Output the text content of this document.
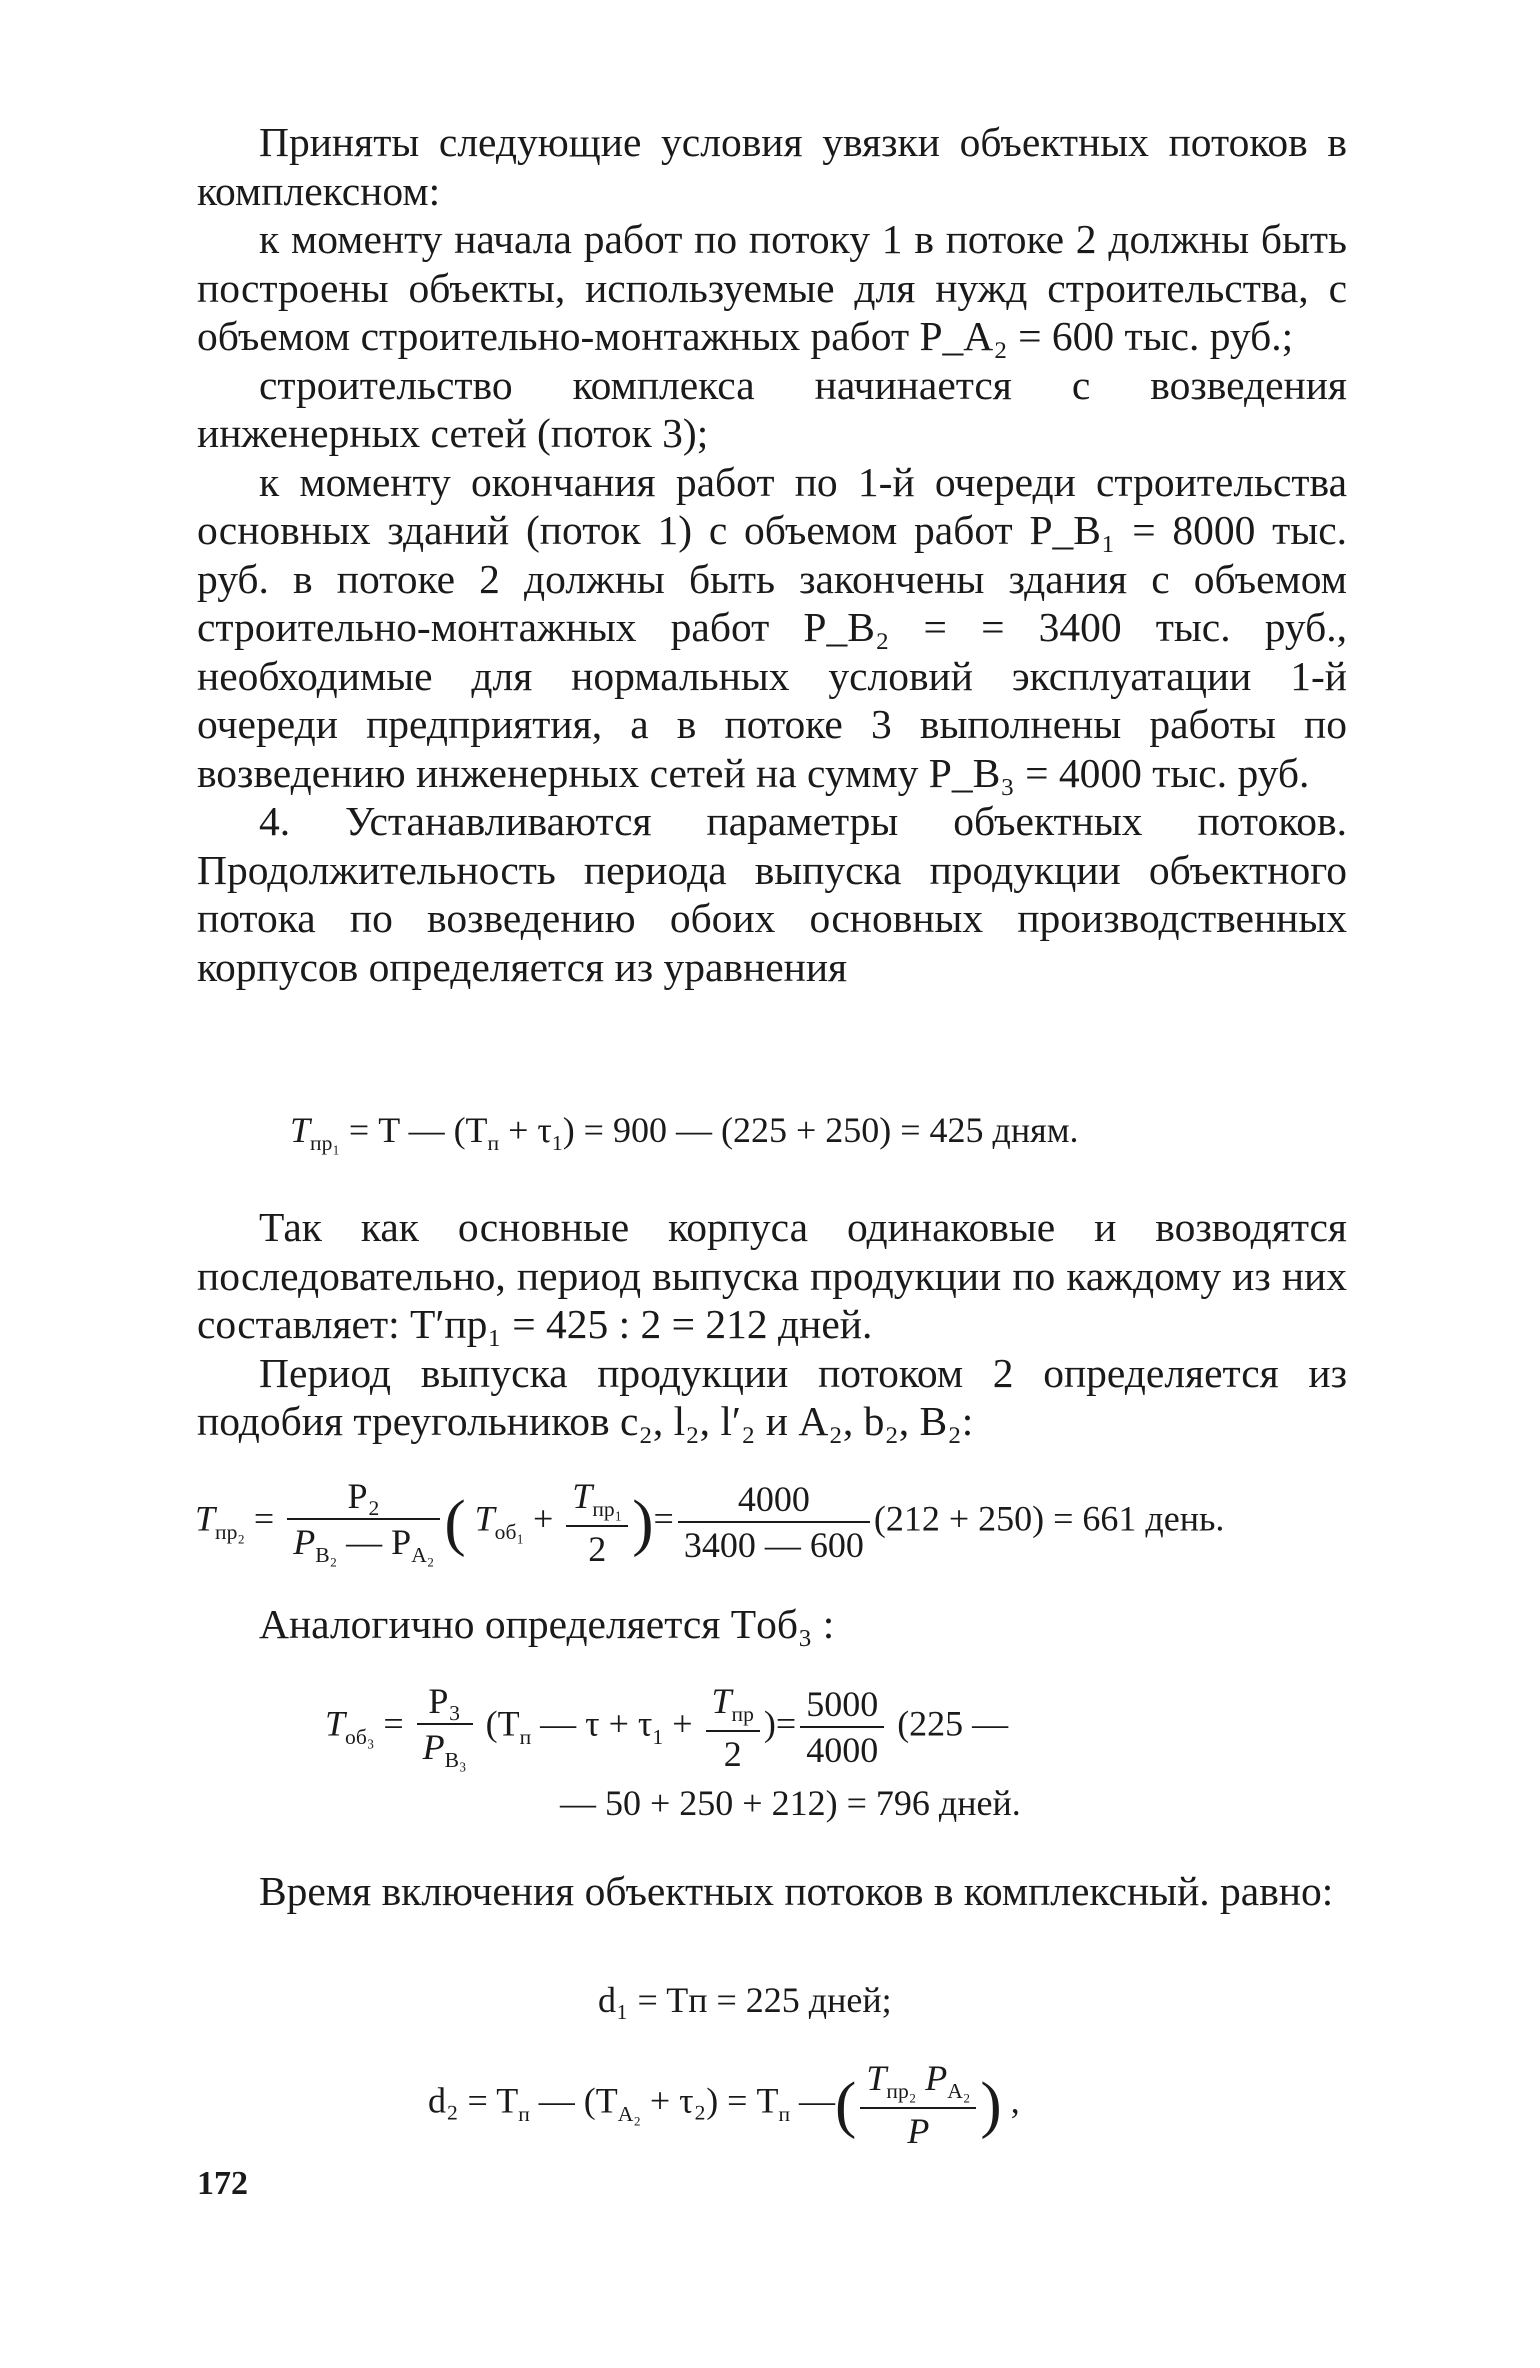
Приняты следующие условия увязки объектных потоков в комплексном:

к моменту начала работ по потоку 1 в потоке 2 должны быть построены объекты, используемые для нужд строительства, с объемом строительно-монтажных работ P_A₂ = 600 тыс. руб.;

строительство комплекса начинается с возведения инженерных сетей (поток 3);

к моменту окончания работ по 1-й очереди строительства основных зданий (поток 1) с объемом работ P_B₁ = 8000 тыс. руб. в потоке 2 должны быть закончены здания с объемом строительно-монтажных работ P_B₂ = = 3400 тыс. руб., необходимые для нормальных условий эксплуатации 1-й очереди предприятия, а в потоке 3 выполнены работы по возведению инженерных сетей на сумму P_B₃ = 4000 тыс. руб.

4. Устанавливаются параметры объектных потоков. Продолжительность периода выпуска продукции объектного потока по возведению обоих основных производственных корпусов определяется из уравнения

$T_{пр_1} = T$ — $(T_п + \tau_1) = 900$ — (225 + 250) = 425 дням.

Так как основные корпуса одинаковые и возводятся последовательно, период выпуска продукции по каждому из них составляет: T′пр₁ = 425 : 2 = 212 дней.

Период выпуска продукции потоком 2 определяется из подобия треугольников c₂, l₂, l′₂ и A₂, b₂, B₂:

$T_{пр_2} = \frac{\text{P₂}}{P_{B_2} — P_{A_2}}$ ( $T_{об_1} + \frac{T_{пр_1}}{2}$ )= $\frac{4000}{3400 — 600} (212 + 250) = 661$ день.

Аналогично определяется Tоб₃ :

$T_{об_3} = \frac{\text{P₃}}{P_{B_3}} (T_п$ — $\tau + \tau_1 + \frac{T_{пр}}{2}$ )= $\frac{5000}{4000} (225$ —
— 50 + 250 + 212) = 796 дней.

Время включения объектных потоков в комплексный. равно:

d₁ = Tп = 225 дней;
$d_2 = T_п$ — $(T_{A_2} + \tau_2) = T_п$ —( $\frac{T_{пр_2} P_{A_2}}{P}$ ) ,
172
